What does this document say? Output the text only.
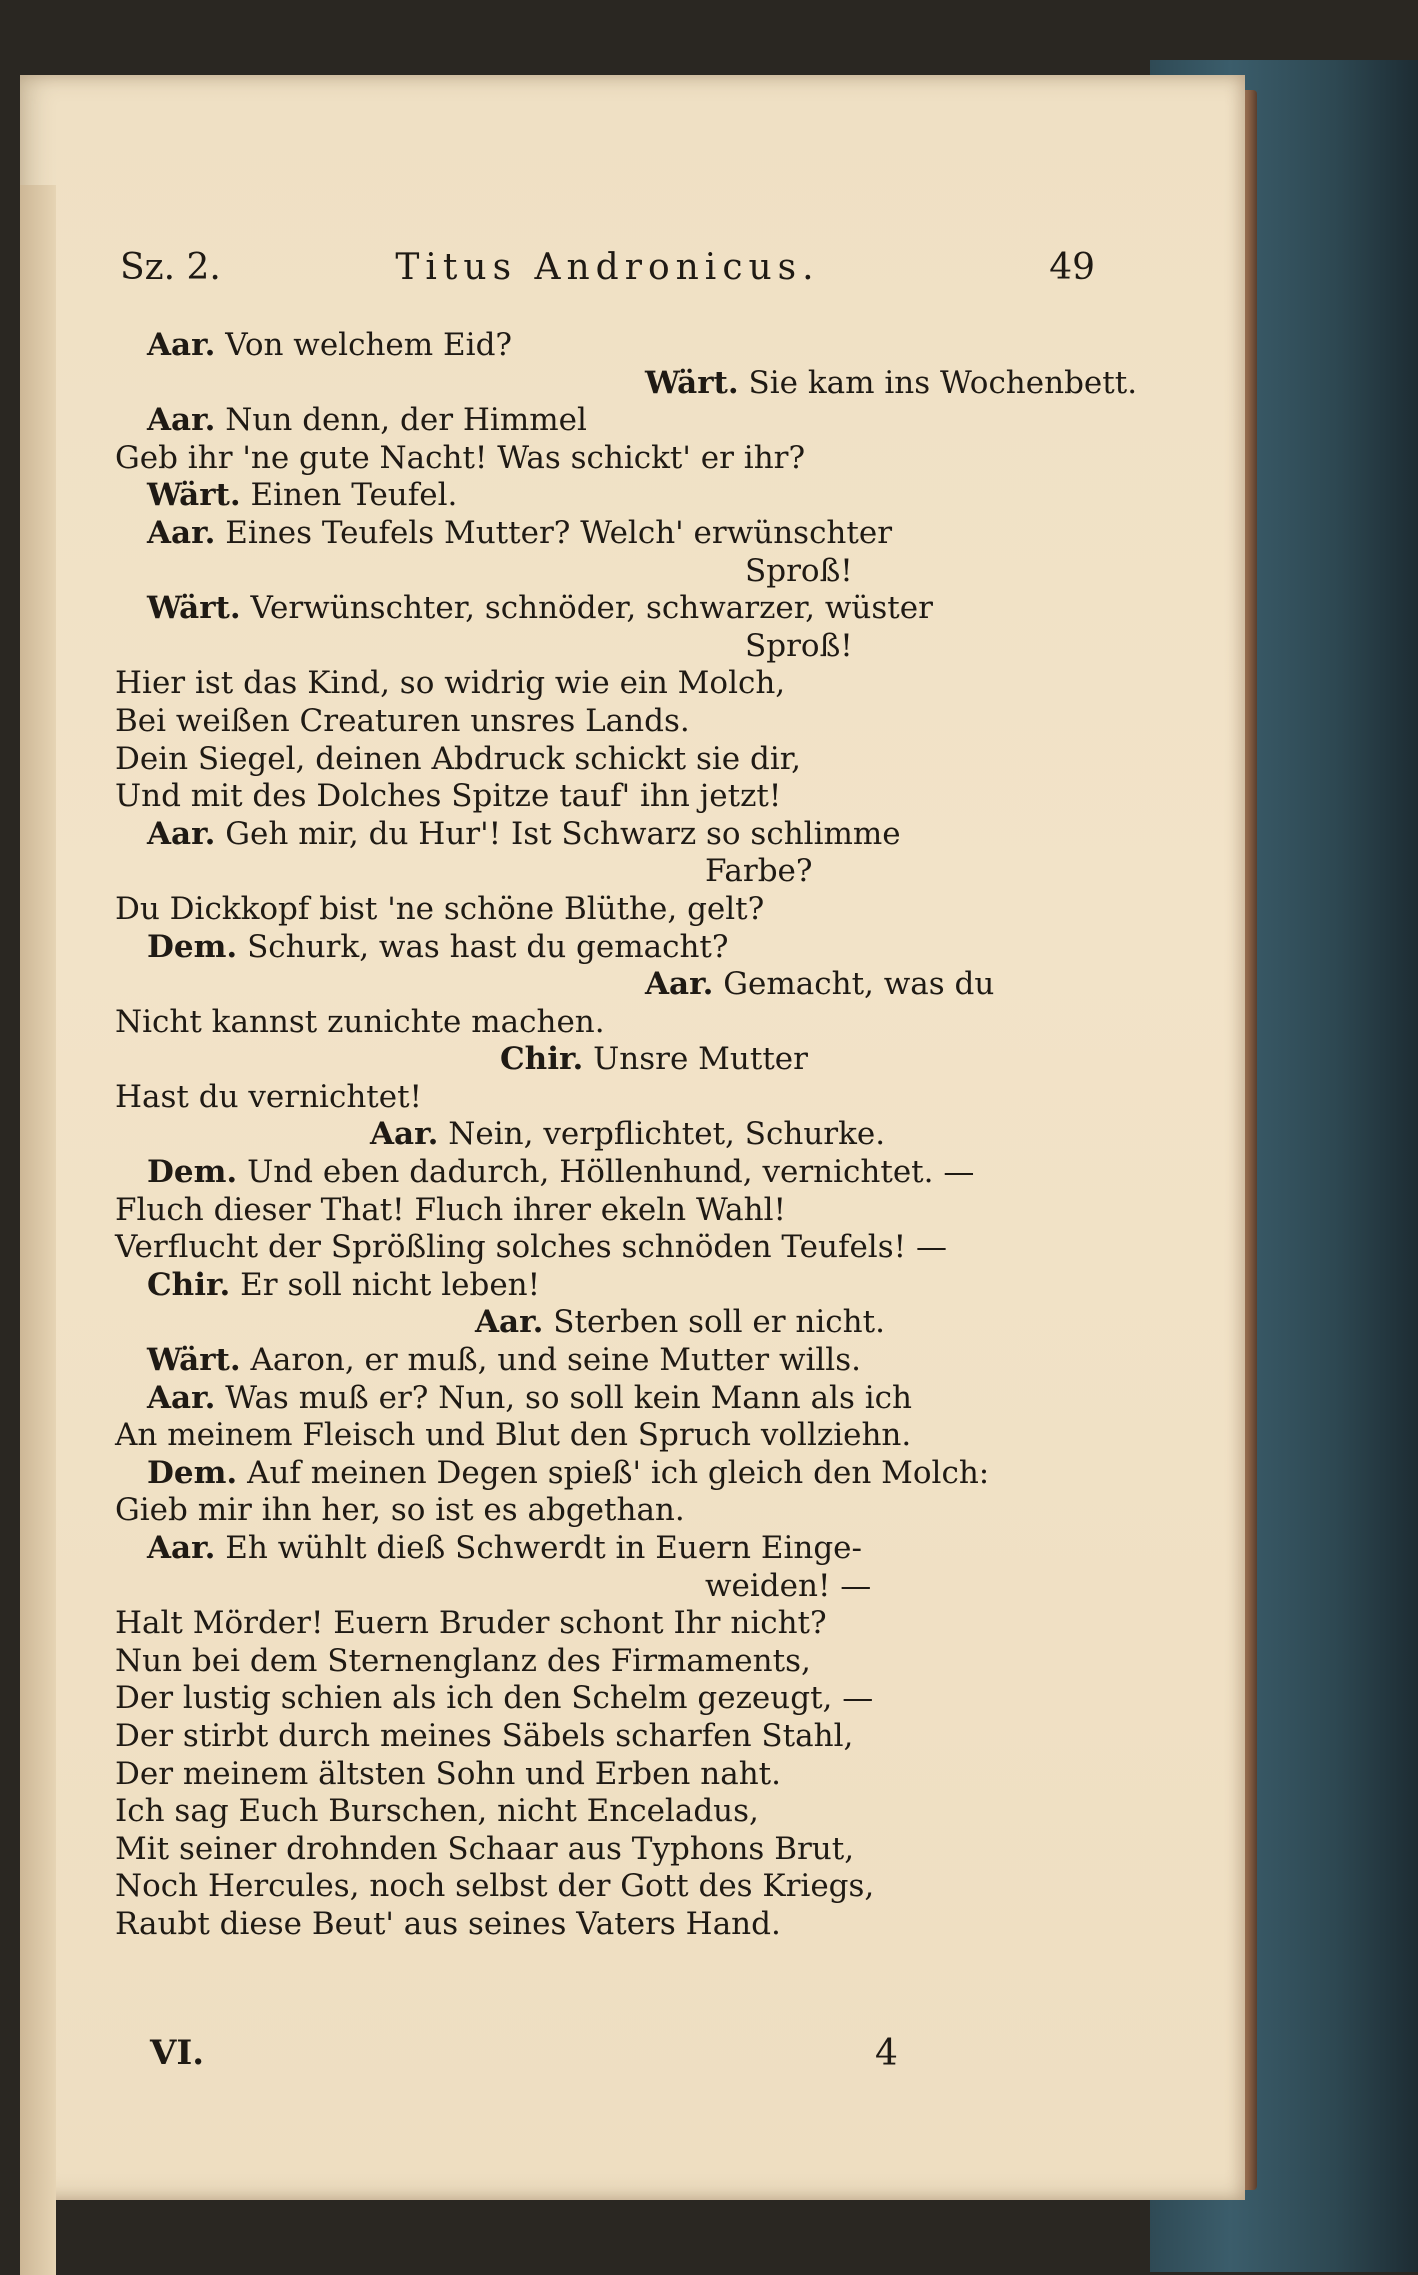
Sz. 2.	Titus Andronicus.	49
Aar. Von welchem Eid?
Wärt. Sie kam ins Wochenbett.
Aar. Nun denn, der Himmel
Geb ihr 'ne gute Nacht! Was schickt' er ihr?
Wärt. Einen Teufel.
Aar. Eines Teufels Mutter? Welch' erwünschter
Sproß!
Wärt. Verwünschter, schnöder, schwarzer, wüster
Sproß!
Hier ist das Kind, so widrig wie ein Molch,
Bei weißen Creaturen unsres Lands.
Dein Siegel, deinen Abdruck schickt sie dir,
Und mit des Dolches Spitze tauf' ihn jetzt!
Aar. Geh mir, du Hur'! Ist Schwarz so schlimme
Farbe?
Du Dickkopf bist 'ne schöne Blüthe, gelt?
Dem. Schurk, was hast du gemacht?
Aar. Gemacht, was du
Nicht kannst zunichte machen.
Chir. Unsre Mutter
Hast du vernichtet!
Aar. Nein, verpflichtet, Schurke.
Dem. Und eben dadurch, Höllenhund, vernichtet. —
Fluch dieser That! Fluch ihrer ekeln Wahl!
Verflucht der Sprößling solches schnöden Teufels! —
Chir. Er soll nicht leben!
Aar. Sterben soll er nicht.
Wärt. Aaron, er muß, und seine Mutter wills.
Aar. Was muß er? Nun, so soll kein Mann als ich
An meinem Fleisch und Blut den Spruch vollziehn.
Dem. Auf meinen Degen spieß' ich gleich den Molch:
Gieb mir ihn her, so ist es abgethan.
Aar. Eh wühlt dieß Schwerdt in Euern Einge-
weiden! —
Halt Mörder! Euern Bruder schont Ihr nicht?
Nun bei dem Sternenglanz des Firmaments,
Der lustig schien als ich den Schelm gezeugt, —
Der stirbt durch meines Säbels scharfen Stahl,
Der meinem ältsten Sohn und Erben naht.
Ich sag Euch Burschen, nicht Enceladus,
Mit seiner drohnden Schaar aus Typhons Brut,
Noch Hercules, noch selbst der Gott des Kriegs,
Raubt diese Beut' aus seines Vaters Hand.
VI.	4
